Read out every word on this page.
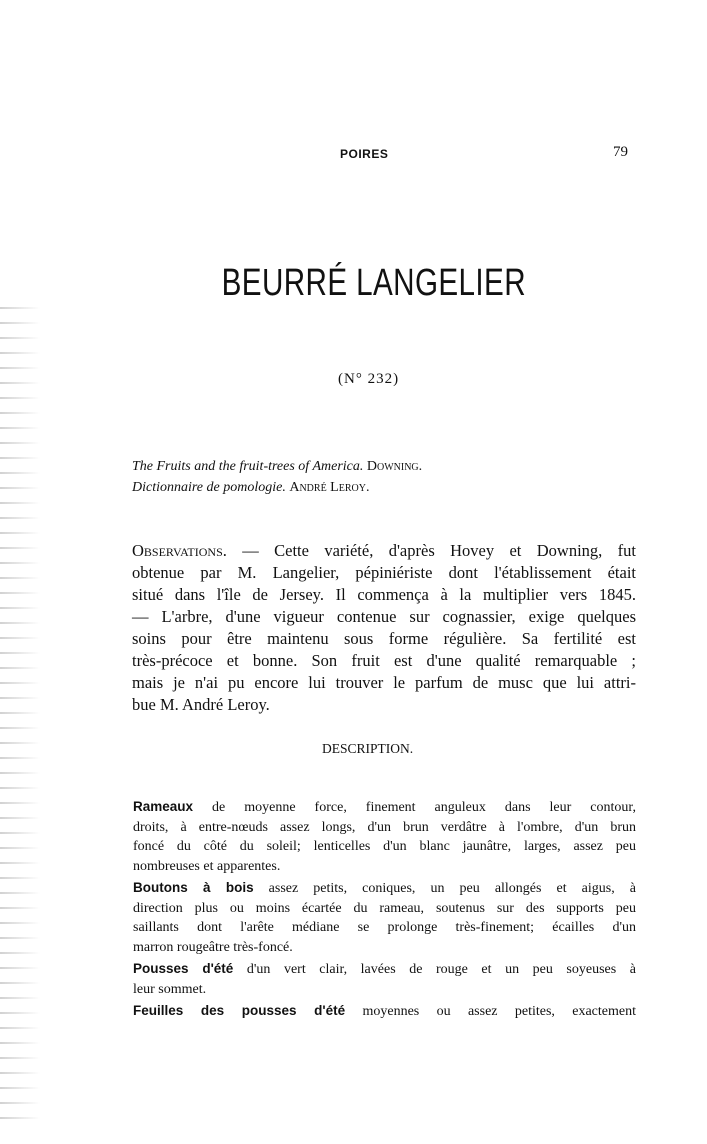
POIRES	79
BEURRÉ LANGELIER
(N° 232)
The Fruits and the fruit-trees of America. Downing.
Dictionnaire de pomologie. André Leroy.
Observations. — Cette variété, d'après Hovey et Downing, fut
obtenue par M. Langelier, pépiniériste dont l'établissement était
situé dans l'île de Jersey. Il commença à la multiplier vers 1845.
— L'arbre, d'une vigueur contenue sur cognassier, exige quelques
soins pour être maintenu sous forme régulière. Sa fertilité est
très-précoce et bonne. Son fruit est d'une qualité remarquable ;
mais je n'ai pu encore lui trouver le parfum de musc que lui attri-
bue M. André Leroy.
DESCRIPTION.
Rameaux de moyenne force, finement anguleux dans leur contour,
droits, à entre-nœuds assez longs, d'un brun verdâtre à l'ombre, d'un brun
foncé du côté du soleil; lenticelles d'un blanc jaunâtre, larges, assez peu
nombreuses et apparentes.
Boutons à bois assez petits, coniques, un peu allongés et aigus, à
direction plus ou moins écartée du rameau, soutenus sur des supports peu
saillants dont l'arête médiane se prolonge très-finement; écailles d'un
marron rougeâtre très-foncé.
Pousses d'été d'un vert clair, lavées de rouge et un peu soyeuses à
leur sommet.
Feuilles des pousses d'été moyennes ou assez petites, exactement
